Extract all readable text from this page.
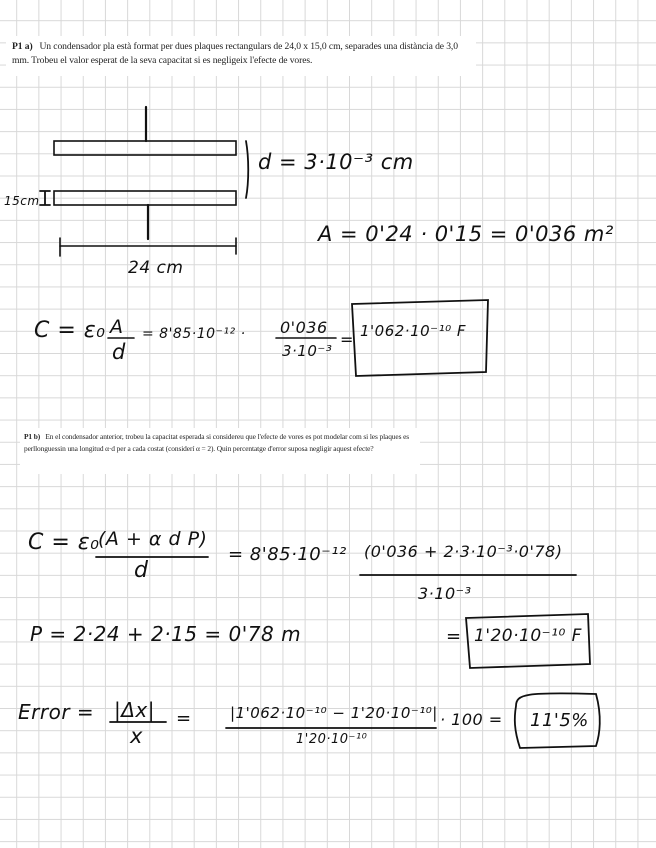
P1 a) Un condensador pla està format per dues plaques rectangulars de 24,0 x 15,0 cm, separades una distància de 3,0 mm. Trobeu el valor esperat de la seva capacitat si es negligeix l'efecte de vores.
P1 b) En el condensador anterior, trobeu la capacitat esperada si considereu que l'efecte de vores es pot modelar com si les plaques es perllonguessin una longitud α·d per a cada costat (considerí α = 2). Quin percentatge d'error suposa negligir aquest efecte?
d = 3·10⁻³ cm
15cm
24 cm
A = 0'24 · 0'15 = 0'036 m²
C = ε₀ A
d
= 8'85·10⁻¹² · 0'036
3·10⁻³
= 1'062·10⁻¹⁰ F
C = ε₀
(A + α d P)
d
= 8'85·10⁻¹² (0'036 + 2·3·10⁻³·0'78)
3·10⁻³
P = 2·24 + 2·15 = 0'78 m	= 1'20·10⁻¹⁰ F
Error = |Δx|
x
=	|1'062·10⁻¹⁰ − 1'20·10⁻¹⁰|
1'20·10⁻¹⁰
· 100 = 11'5%
